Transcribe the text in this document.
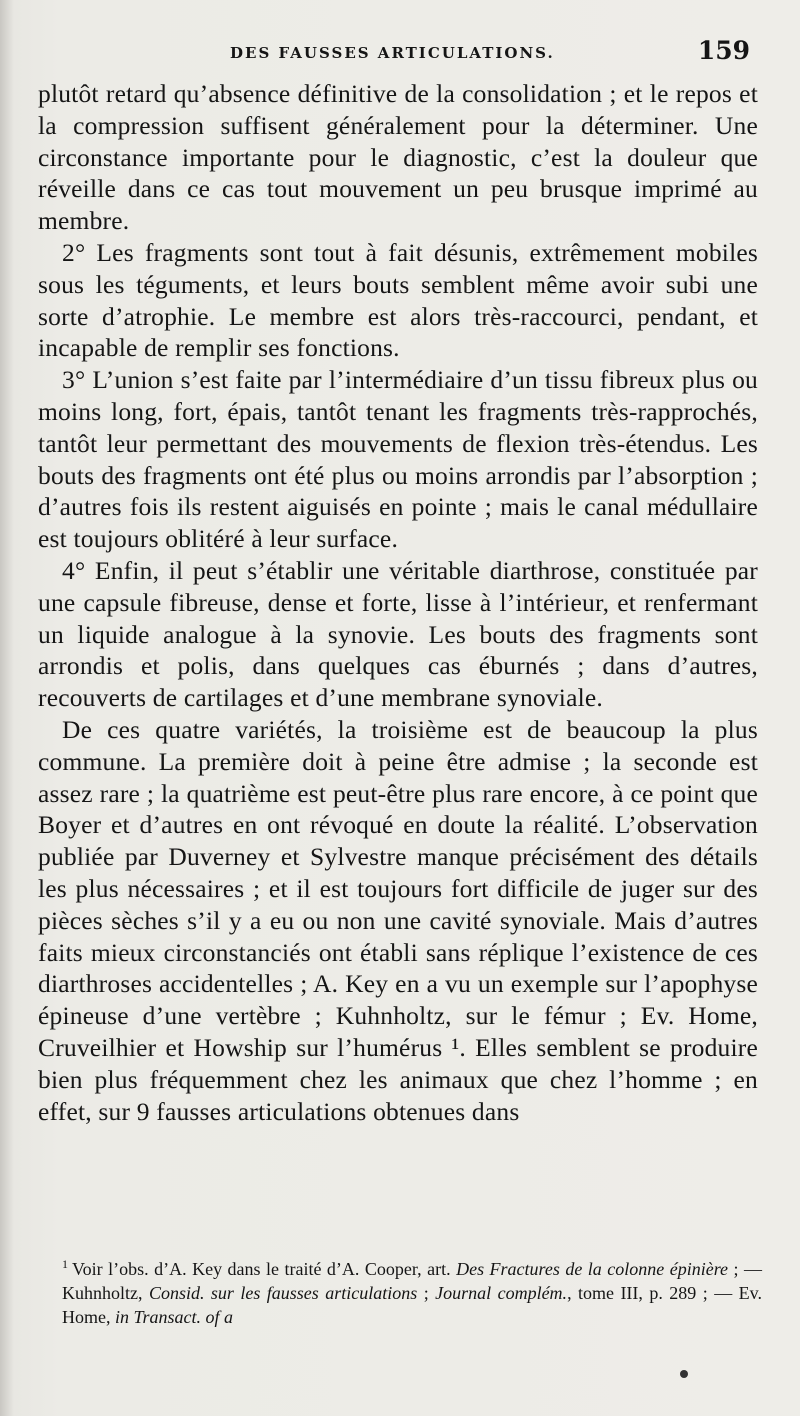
DES FAUSSES ARTICULATIONS.	159

plutôt retard qu’absence définitive de la consolidation ; et le repos et la compression suffisent généralement pour la déterminer. Une circonstance importante pour le diagnostic, c’est la douleur que réveille dans ce cas tout mouvement un peu brusque imprimé au membre.

2° Les fragments sont tout à fait désunis, extrêmement mobiles sous les téguments, et leurs bouts semblent même avoir subi une sorte d’atrophie. Le membre est alors très-raccourci, pendant, et incapable de remplir ses fonctions.

3° L’union s’est faite par l’intermédiaire d’un tissu fibreux plus ou moins long, fort, épais, tantôt tenant les fragments très-rapprochés, tantôt leur permettant des mouvements de flexion très-étendus. Les bouts des fragments ont été plus ou moins arrondis par l’absorption ; d’autres fois ils restent aiguisés en pointe ; mais le canal médullaire est toujours oblitéré à leur surface.

4° Enfin, il peut s’établir une véritable diarthrose, constituée par une capsule fibreuse, dense et forte, lisse à l’intérieur, et renfermant un liquide analogue à la synovie. Les bouts des fragments sont arrondis et polis, dans quelques cas éburnés ; dans d’autres, recouverts de cartilages et d’une membrane synoviale.

De ces quatre variétés, la troisième est de beaucoup la plus commune. La première doit à peine être admise ; la seconde est assez rare ; la quatrième est peut-être plus rare encore, à ce point que Boyer et d’autres en ont révoqué en doute la réalité. L’observation publiée par Duverney et Sylvestre manque précisément des détails les plus nécessaires ; et il est toujours fort difficile de juger sur des pièces sèches s’il y a eu ou non une cavité synoviale. Mais d’autres faits mieux circonstanciés ont établi sans réplique l’existence de ces diarthroses accidentelles ; A. Key en a vu un exemple sur l’apophyse épineuse d’une vertèbre ; Kuhnholtz, sur le fémur ; Ev. Home, Cruveilhier et Howship sur l’humérus ¹. Elles semblent se produire bien plus fréquemment chez les animaux que chez l’homme ; en effet, sur 9 fausses articulations obtenues dans

$^1$ Voir l’obs. d’A. Key dans le traité d’A. Cooper, art. Des Fractures de la colonne épinière ; — Kuhnholtz, Consid. sur les fausses articulations ; Journal complém., tome III, p. 289 ; — Ev. Home, in Transact. of a
